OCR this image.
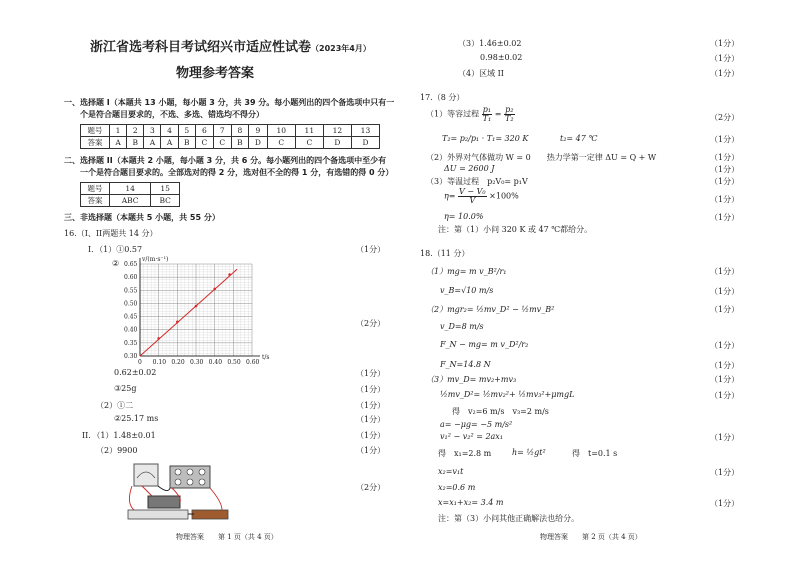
浙江省选考科目考试绍兴市适应性试卷（2023年4月）
物理参考答案
一、选择题 I（本题共 13 小题，每小题 3 分，共 39 分。每小题列出的四个备选项中只有一
个是符合题目要求的，不选、多选、错选均不得分）
题号	1	2	3	4	5	6	7	8	9	10	11	12	13
答案	A	B	A	A	B	C	C	B	D	C	C	D	D
二、选择题 II（本题共 2 小题，每小题 3 分，共 6 分。每小题列出的四个备选项中至少有
一个是符合题目要求的。全部选对的得 2 分，选对但不全的得 1 分，有选错的得 0 分）
题号	14	15
答案	ABC	BC
三、非选择题（本题共 5 小题，共 55 分）
16.（I、II两题共 14 分）
I．（1）①0.57	（1分）
②
0 0.10 0.20 0.30 0.40 0.50 0.60
0.30
0.35
0.40
0.45
0.50
0.55
0.60
0.65
t/s
v/(m·s⁻¹)
（2分）
0.62±0.02	（1分）
③25g	（1分）
（2）①二	（1分）
②25.17 ms	（1分）
II．（1）1.48±0.01	（1分）
（2）9900	（1分）
（2分）
物理答案　　第 1 页（共 4 页）
（3）1.46±0.02	（1分）
0.98±0.02	（1分）
（4）区域 II	（1分）
17.（8 分）
（1）等容过程 $\frac{\text{p₁}}{\text{T₁}} = \frac{\text{p₂}}{\text{T₂}}$	（2分）
T₂= p₂/p₁ · T₁= 320 K	t₂= 47 ℃	（1分）
（2）外界对气体做功 W = 0　　热力学第一定律 ΔU = Q + W	（1分）
ΔU = 2600 J	（1分）
（3）等温过程　p₂V₀= p₁V	（1分）
$\eta= \frac{\text{V − V₀}}{V} \times 100\%$	（1分）
η= 10.0%	（1分）
注：第（1）小问 320 K 或 47 ℃都给分。
18.（11 分）
（1）mg= m v_B²/r₁	（1分）
v_B=√10 m/s	（1分）
（2）mgr₂= ½mv_D² − ½mv_B²	（1分）
v_D=8 m/s
F_N − mg= m v_D²/r₂	（1分）
F_N=14.8 N	（1分）
（3）mv_D= mv₂+mv₃	（1分）
½mv_D²= ½mv₂²+ ½mv₃²+μmgL	（1分）
得　v₂=6 m/s　v₃=2 m/s
a= −μg= −5 m/s²
v₁² − v₂² = 2ax₁	（1分）
得　x₁=2.8 m	h= ½gt²	得　t=0.1 s
x₂=v₁t	（1分）
x₂=0.6 m
x=x₁+x₂= 3.4 m	（1分）
注：第（3）小问其他正确解法也给分。
物理答案　　第 2 页（共 4 页）
